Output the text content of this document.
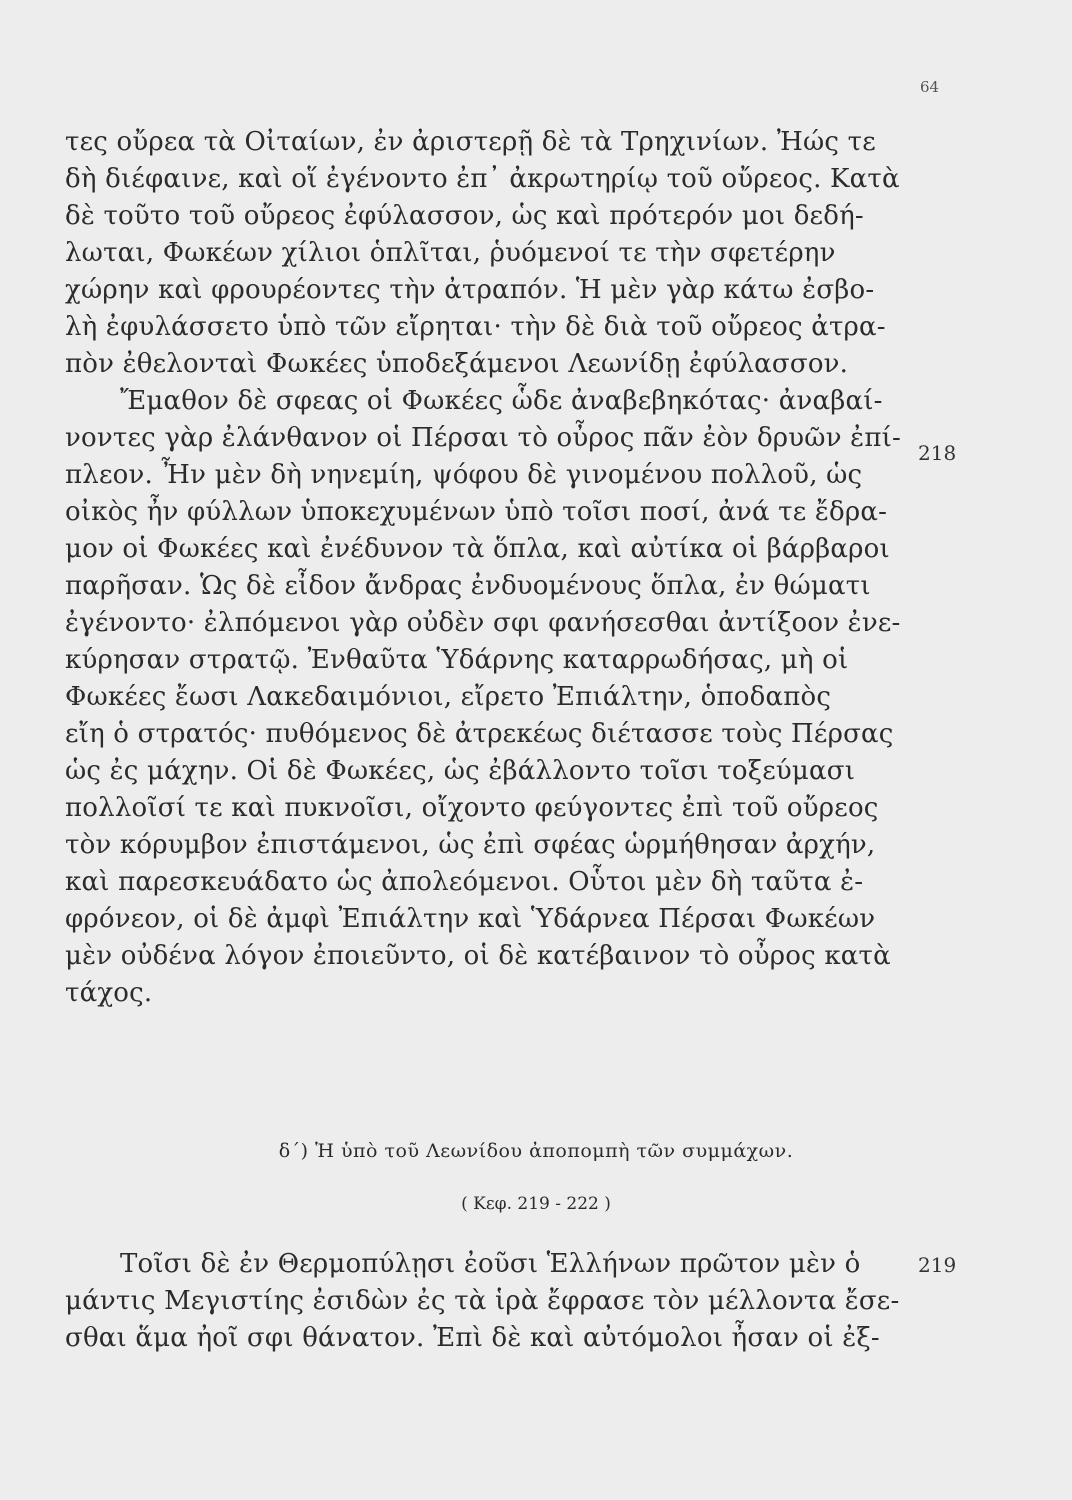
64
τες οὔρεα τὰ Οἰταίων, ἐν ἀριστερῇ δὲ τὰ Τρηχινίων. Ἠώς τε
δὴ διέφαινε, καὶ οἵ ἐγένοντο ἐπ᾿ ἀκρωτηρίῳ τοῦ οὔρεος. Κατὰ
δὲ τοῦτο τοῦ οὔρεος ἐφύλασσον, ὡς καὶ πρότερόν μοι δεδή-
λωται, Φωκέων χίλιοι ὁπλῖται, ῥυόμενοί τε τὴν σφετέρην
χώρην καὶ φρουρέοντες τὴν ἀτραπόν. Ἡ μὲν γὰρ κάτω ἐσβο-
λὴ ἐφυλάσσετο ὑπὸ τῶν εἴρηται· τὴν δὲ διὰ τοῦ οὔρεος ἀτρα-
πὸν ἐθελονταὶ Φωκέες ὑποδεξάμενοι Λεωνίδῃ ἐφύλασσον.
Ἔμαθον δὲ σφεας οἱ Φωκέες ὧδε ἀναβεβηκότας· ἀναβαί-
νοντες γὰρ ἐλάνθανον οἱ Πέρσαι τὸ οὖρος πᾶν ἐὸν δρυῶν ἐπί-
πλεον. Ἦν μὲν δὴ νηνεμίη, ψόφου δὲ γινομένου πολλοῦ, ὡς
οἰκὸς ἦν φύλλων ὑποκεχυμένων ὑπὸ τοῖσι ποσί, ἀνά τε ἔδρα-
μον οἱ Φωκέες καὶ ἐνέδυνον τὰ ὅπλα, καὶ αὐτίκα οἱ βάρβαροι
παρῆσαν. Ὡς δὲ εἶδον ἄνδρας ἐνδυομένους ὅπλα, ἐν θώματι
ἐγένοντο· ἐλπόμενοι γὰρ οὐδὲν σφι φανήσεσθαι ἀντίξοον ἐνε-
κύρησαν στρατῷ. Ἐνθαῦτα Ὑδάρνης καταρρωδήσας, μὴ οἱ
Φωκέες ἔωσι Λακεδαιμόνιοι, εἴρετο Ἐπιάλτην, ὁποδαπὸς
εἴη ὁ στρατός· πυθόμενος δὲ ἀτρεκέως διέτασσε τοὺς Πέρσας
ὡς ἐς μάχην. Οἱ δὲ Φωκέες, ὡς ἐβάλλοντο τοῖσι τοξεύμασι
πολλοῖσί τε καὶ πυκνοῖσι, οἴχοντο φεύγοντες ἐπὶ τοῦ οὔρεος
τὸν κόρυμβον ἐπιστάμενοι, ὡς ἐπὶ σφέας ὡρμήθησαν ἀρχήν,
καὶ παρεσκευάδατο ὡς ἀπολεόμενοι. Οὗτοι μὲν δὴ ταῦτα ἐ-
φρόνεον, οἱ δὲ ἀμφὶ Ἐπιάλτην καὶ Ὑδάρνεα Πέρσαι Φωκέων
μὲν οὐδένα λόγον ἐποιεῦντο, οἱ δὲ κατέβαινον τὸ οὖρος κατὰ
τάχος.
218
δ΄) Ἡ ὑπὸ τοῦ Λεωνίδου ἀποπομπὴ τῶν συμμάχων.
( Κεφ. 219 - 222 )
Τοῖσι δὲ ἐν Θερμοπύλῃσι ἐοῦσι Ἑλλήνων πρῶτον μὲν ὁ
μάντις Μεγιστίης ἐσιδὼν ἐς τὰ ἱρὰ ἔφρασε τὸν μέλλοντα ἔσε-
σθαι ἅμα ἠοῖ σφι θάνατον. Ἐπὶ δὲ καὶ αὐτόμολοι ἦσαν οἱ ἐξ-
219
